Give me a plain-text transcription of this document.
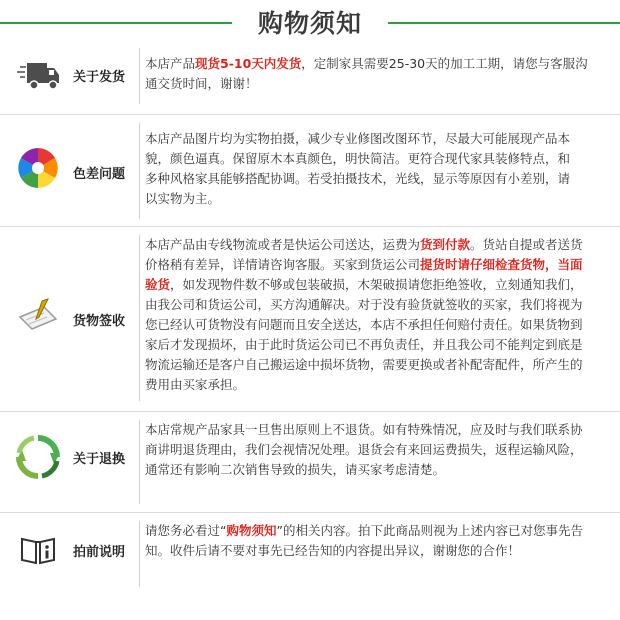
购物须知
关于发货
本店产品现货5-10天内发货，定制家具需要25-30天的加工工期，请您与客服沟通交货时间，谢谢！
色差问题
本店产品图片均为实物拍摄，减少专业修图改图环节，尽最大可能展现产品本貌，颜色逼真。保留原木本真颜色，明快简洁。更符合现代家具装修特点，和多种风格家具能够搭配协调。若受拍摄技术，光线，显示等原因有小差别，请以实物为主。
货物签收
本店产品由专线物流或者是快运公司送达，运费为货到付款。货站自提或者送货价格稍有差异，详情请咨询客服。买家到货运公司提货时请仔细检查货物，当面验货，如发现物件数不够或包装破损，木架破损请您拒绝签收，立刻通知我们，由我公司和货运公司，买方沟通解决。对于没有验货就签收的买家，我们将视为您已经认可货物没有问题而且安全送达，本店不承担任何赔付责任。如果货物到家后才发现损坏，由于此时货运公司已不再负责任，并且我公司不能判定到底是物流运输还是客户自己搬运途中损坏货物，需要更换或者补配寄配件，所产生的费用由买家承担。
关于退换
本店常规产品家具一旦售出原则上不退货。如有特殊情况，应及时与我们联系协商讲明退货理由，我们会视情况处理。退货会有来回运费损失，返程运输风险，通常还有影响二次销售导致的损失，请买家考虑清楚。
拍前说明
请您务必看过“购物须知”的相关内容。拍下此商品则视为上述内容已对您事先告知。收件后请不要对事先已经告知的内容提出异议，谢谢您的合作！
